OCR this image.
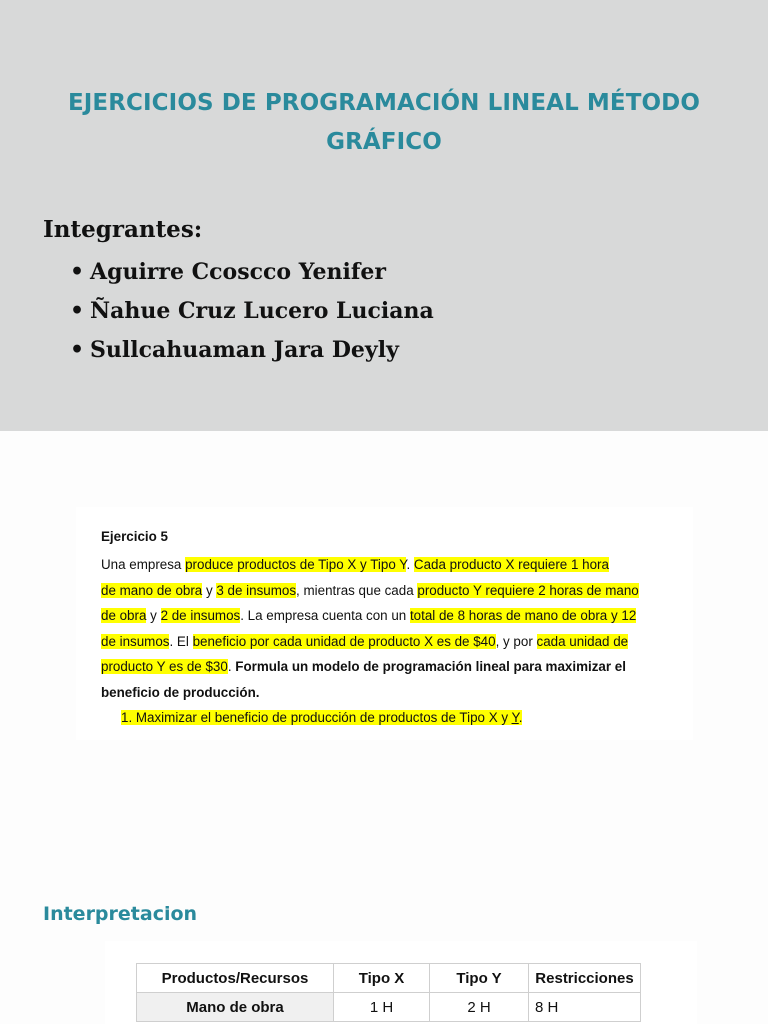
EJERCICIOS DE PROGRAMACIÓN LINEAL MÉTODO
GRÁFICO
Integrantes:
• Aguirre Ccoscco Yenifer
• Ñahue Cruz Lucero Luciana
• Sullcahuaman Jara Deyly
Ejercicio 5
Una empresa produce productos de Tipo X y Tipo Y. Cada producto X requiere 1 hora
de mano de obra y 3 de insumos, mientras que cada producto Y requiere 2 horas de mano
de obra y 2 de insumos. La empresa cuenta con un total de 8 horas de mano de obra y 12
de insumos. El beneficio por cada unidad de producto X es de $40, y por cada unidad de
producto Y es de $30. Formula un modelo de programación lineal para maximizar el
beneficio de producción.
1. Maximizar el beneficio de producción de productos de Tipo X y Y.
Interpretacion
Productos/Recursos	Tipo X	Tipo Y	Restricciones
Mano de obra	1 H	2 H	8 H
